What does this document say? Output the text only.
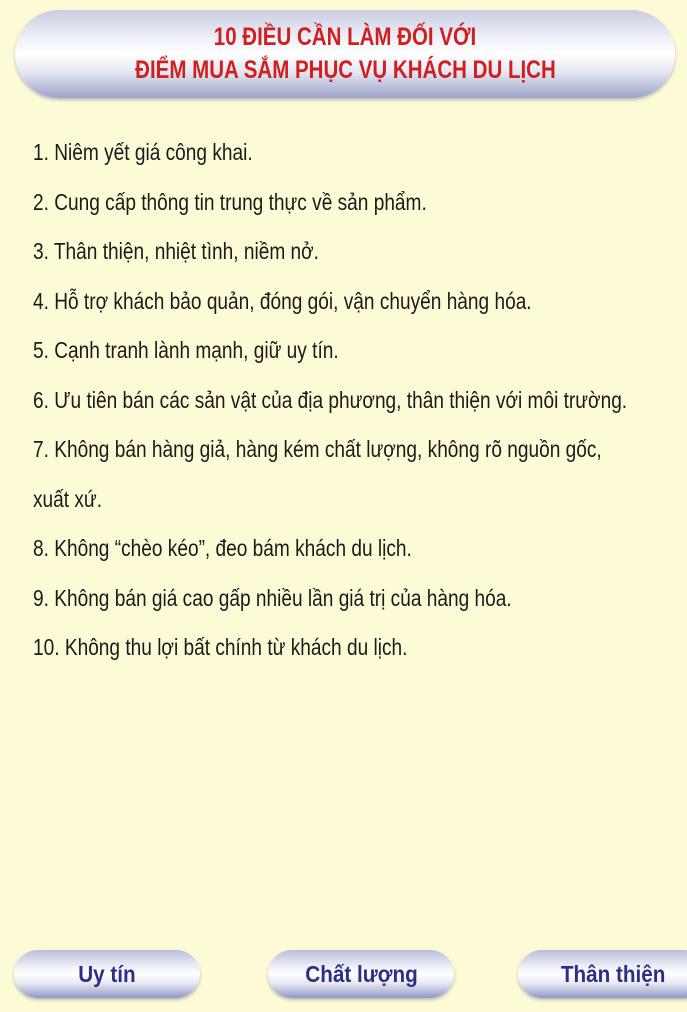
10 ĐIỀU CẦN LÀM ĐỐI VỚI
ĐIỂM MUA SẮM PHỤC VỤ KHÁCH DU LỊCH
1. Niêm yết giá công khai.
2. Cung cấp thông tin trung thực về sản phẩm.
3. Thân thiện, nhiệt tình, niềm nở.
4. Hỗ trợ khách bảo quản, đóng gói, vận chuyển hàng hóa.
5. Cạnh tranh lành mạnh, giữ uy tín.
6. Ưu tiên bán các sản vật của địa phương, thân thiện với môi trường.
7. Không bán hàng giả, hàng kém chất lượng, không rõ nguồn gốc,
xuất xứ.
8. Không “chèo kéo”, đeo bám khách du lịch.
9. Không bán giá cao gấp nhiều lần giá trị của hàng hóa.
10. Không thu lợi bất chính từ khách du lịch.
Uy tín	Chất lượng	Thân thiện
